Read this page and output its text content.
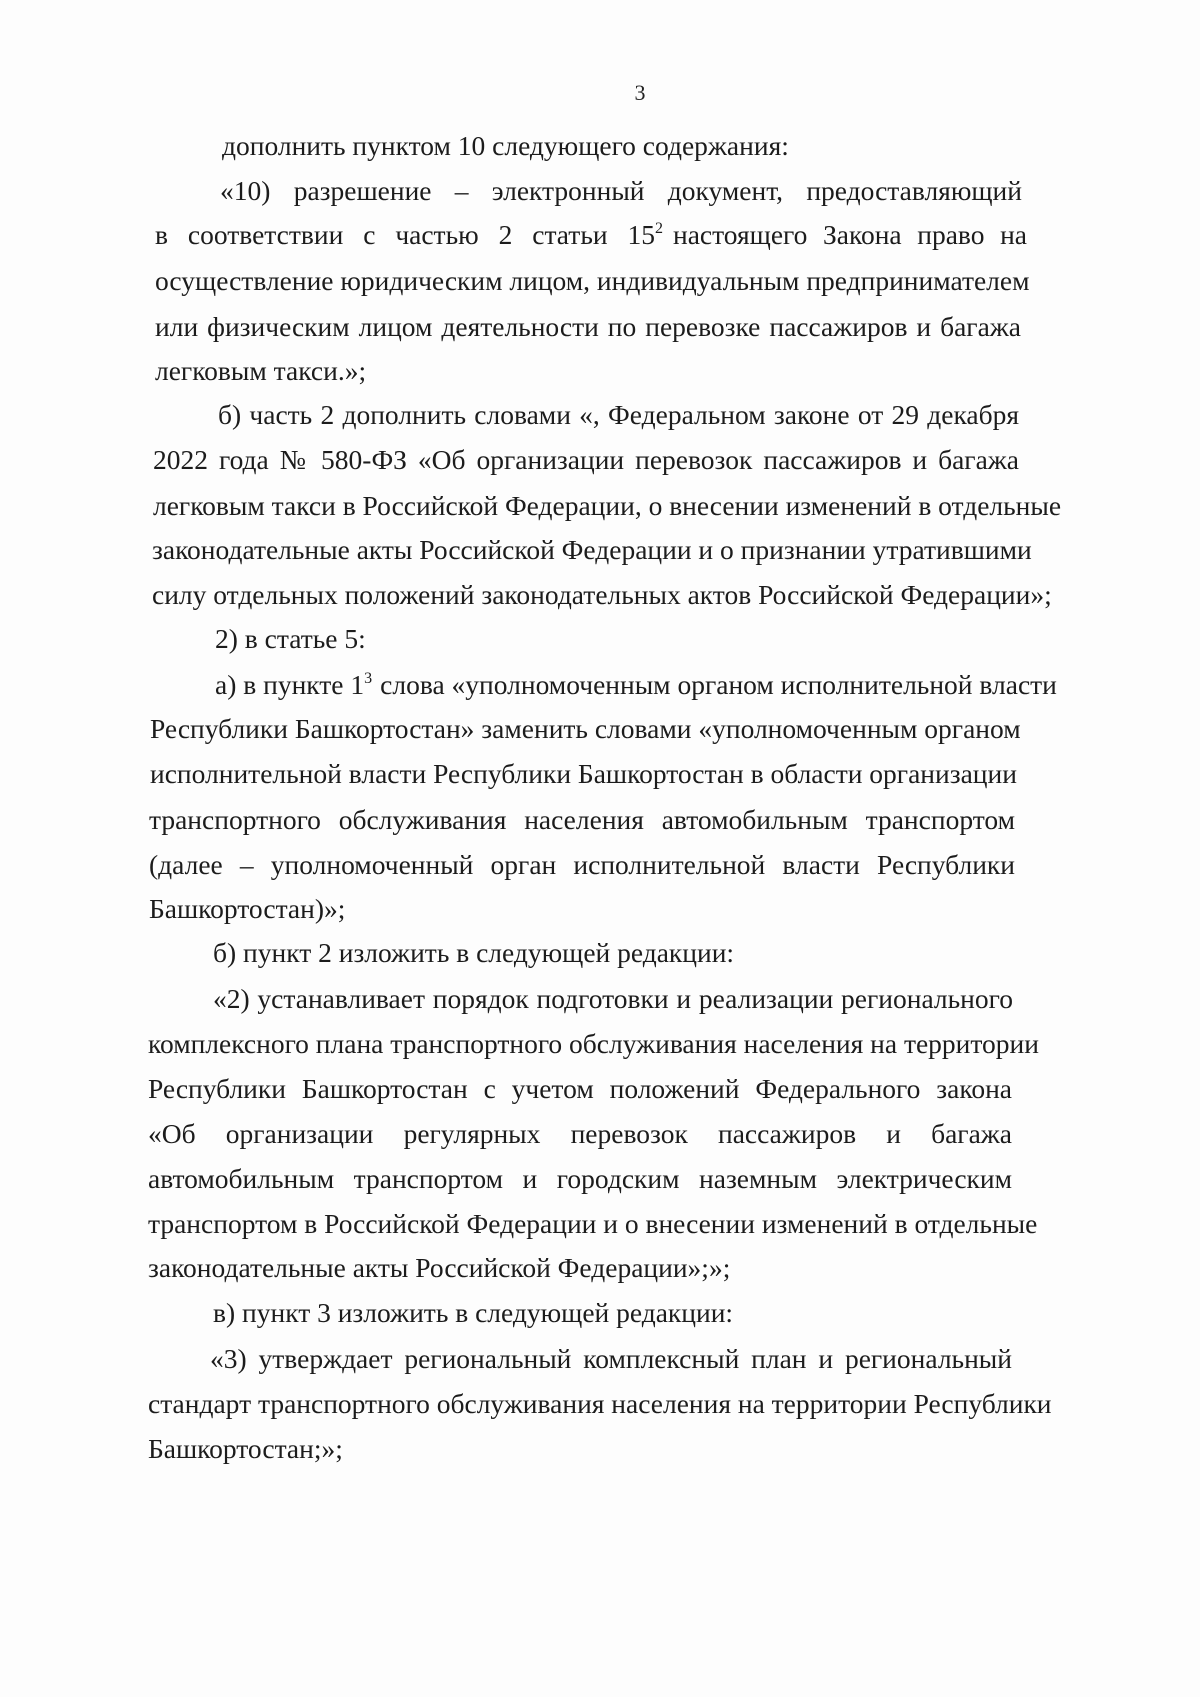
3
дополнить пунктом 10 следующего содержания:
«10) разрешение – электронный документ, предоставляющий
в соответствии с частью 2 статьи $15^2$ настоящего Закона право на
осуществление юридическим лицом, индивидуальным предпринимателем
или физическим лицом деятельности по перевозке пассажиров и багажа
легковым такси.»;
б) часть 2 дополнить словами «, Федеральном законе от 29 декабря
2022 года № 580-ФЗ «Об организации перевозок пассажиров и багажа
легковым такси в Российской Федерации, о внесении изменений в отдельные
законодательные акты Российской Федерации и о признании утратившими
силу отдельных положений законодательных актов Российской Федерации»;
2) в статье 5:
а) в пункте $1^3$ слова «уполномоченным органом исполнительной власти
Республики Башкортостан» заменить словами «уполномоченным органом
исполнительной власти Республики Башкортостан в области организации
транспортного обслуживания населения автомобильным транспортом
(далее – уполномоченный орган исполнительной власти Республики
Башкортостан)»;
б) пункт 2 изложить в следующей редакции:
«2) устанавливает порядок подготовки и реализации регионального
комплексного плана транспортного обслуживания населения на территории
Республики Башкортостан с учетом положений Федерального закона
«Об организации регулярных перевозок пассажиров и багажа
автомобильным транспортом и городским наземным электрическим
транспортом в Российской Федерации и о внесении изменений в отдельные
законодательные акты Российской Федерации»;»;
в) пункт 3 изложить в следующей редакции:
«3) утверждает региональный комплексный план и региональный
стандарт транспортного обслуживания населения на территории Республики
Башкортостан;»;
